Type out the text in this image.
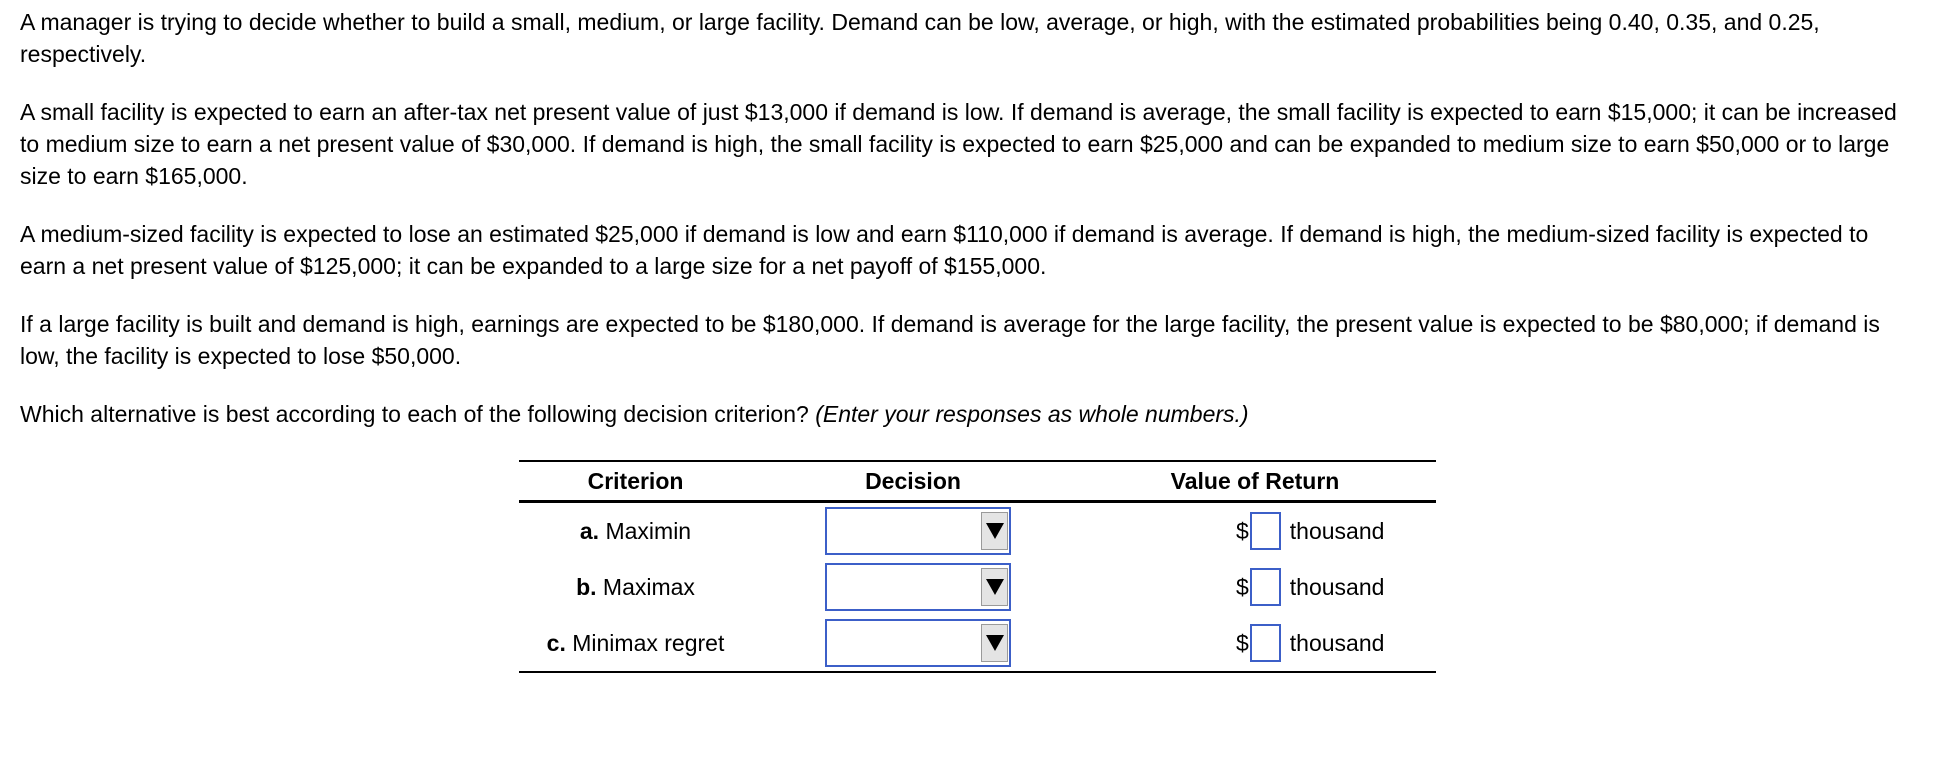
A manager is trying to decide whether to build a small, medium, or large facility. Demand can be low, average, or high, with the estimated probabilities being 0.40, 0.35, and 0.25, respectively.

A small facility is expected to earn an after-tax net present value of just $13,000 if demand is low. If demand is average, the small facility is expected to earn $15,000; it can be increased to medium size to earn a net present value of $30,000. If demand is high, the small facility is expected to earn $25,000 and can be expanded to medium size to earn $50,000 or to large size to earn $165,000.

A medium-sized facility is expected to lose an estimated $25,000 if demand is low and earn $110,000 if demand is average. If demand is high, the medium-sized facility is expected to earn a net present value of $125,000; it can be expanded to a large size for a net payoff of $155,000.

If a large facility is built and demand is high, earnings are expected to be $180,000. If demand is average for the large facility, the present value is expected to be $80,000; if demand is low, the facility is expected to lose $50,000.

Which alternative is best according to each of the following decision criterion? (Enter your responses as whole numbers.)

Criterion	Decision	Value of Return
a. Maximin		$ thousand

b. Maximax		$ thousand

c. Minimax regret		$ thousand
